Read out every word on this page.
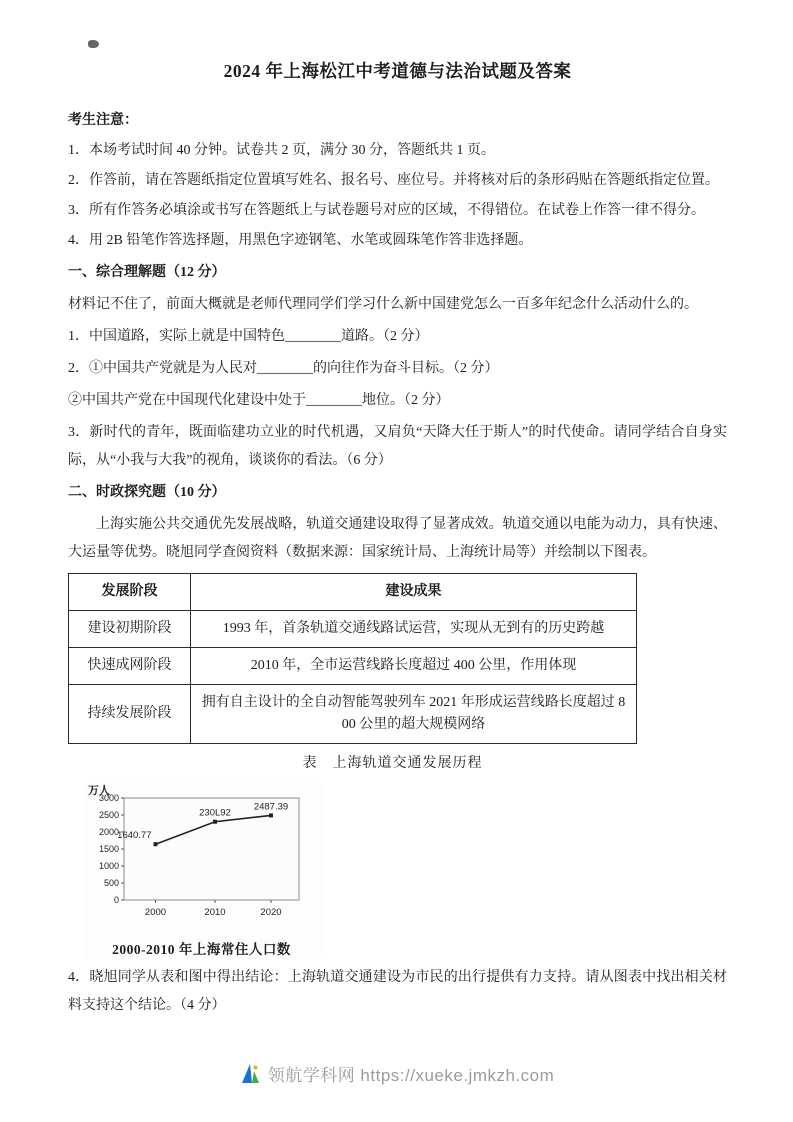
2024 年上海松江中考道德与法治试题及答案

考生注意：

1．本场考试时间 40 分钟。试卷共 2 页，满分 30 分，答题纸共 1 页。

2．作答前，请在答题纸指定位置填写姓名、报名号、座位号。并将核对后的条形码贴在答题纸指定位置。

3．所有作答务必填涂或书写在答题纸上与试卷题号对应的区域，不得错位。在试卷上作答一律不得分。

4．用 2B 铅笔作答选择题，用黑色字迹钢笔、水笔或圆珠笔作答非选择题。

一、综合理解题（12 分）

材料记不住了，前面大概就是老师代理同学们学习什么新中国建党怎么一百多年纪念什么活动什么的。

1．中国道路，实际上就是中国特色________道路。（2 分）

2．①中国共产党就是为人民对________的向往作为奋斗目标。（2 分）

②中国共产党在中国现代化建设中处于________地位。（2 分）

3．新时代的青年，既面临建功立业的时代机遇，又肩负“天降大任于斯人”的时代使命。请同学结合自身实际，从“小我与大我”的视角，谈谈你的看法。（6 分）

二、时政探究题（10 分）

上海实施公共交通优先发展战略，轨道交通建设取得了显著成效。轨道交通以电能为动力，具有快速、大运量等优势。晓旭同学查阅资料（数据来源：国家统计局、上海统计局等）并绘制以下图表。

发展阶段	建设成果
建设初期阶段	1993 年，首条轨道交通线路试运营，实现从无到有的历史跨越
快速成网阶段	2010 年，全市运营线路长度超过 400 公里，作用体现
持续发展阶段	拥有自主设计的全自动智能驾驶列车 2021 年形成运营线路长度超过 800 公里的超大规模网络
表　上海轨道交通发展历程
万人
3000
2500
2000
1500
1000
500
0
1640.77
230L92
2487.39
2000	2010	2020
2000-2010 年上海常住人口数

4．晓旭同学从表和图中得出结论：上海轨道交通建设为市民的出行提供有力支持。请从图表中找出相关材料支持这个结论。（4 分）

领航学科网 https://xueke.jmkzh.com
